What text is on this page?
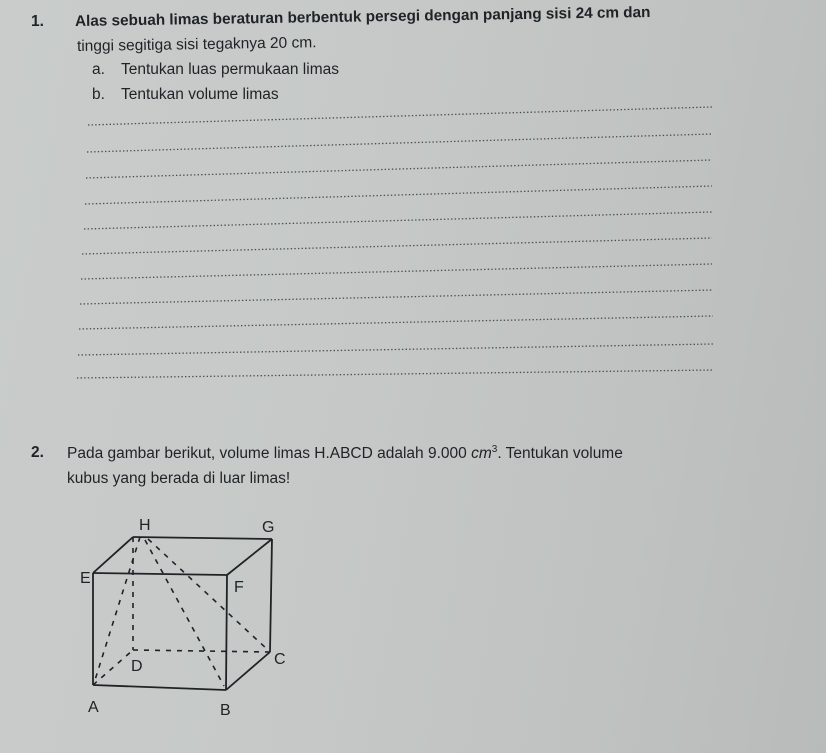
1. Alas sebuah limas beraturan berbentuk persegi dengan panjang sisi 24 cm dan
tinggi segitiga sisi tegaknya 20 cm.
a. Tentukan luas permukaan limas
b. Tentukan volume limas
2. Pada gambar berikut, volume limas H.ABCD adalah 9.000 $cm^3$. Tentukan volume
kubus yang berada di luar limas!
H	G
E
F
D	C
A	B
